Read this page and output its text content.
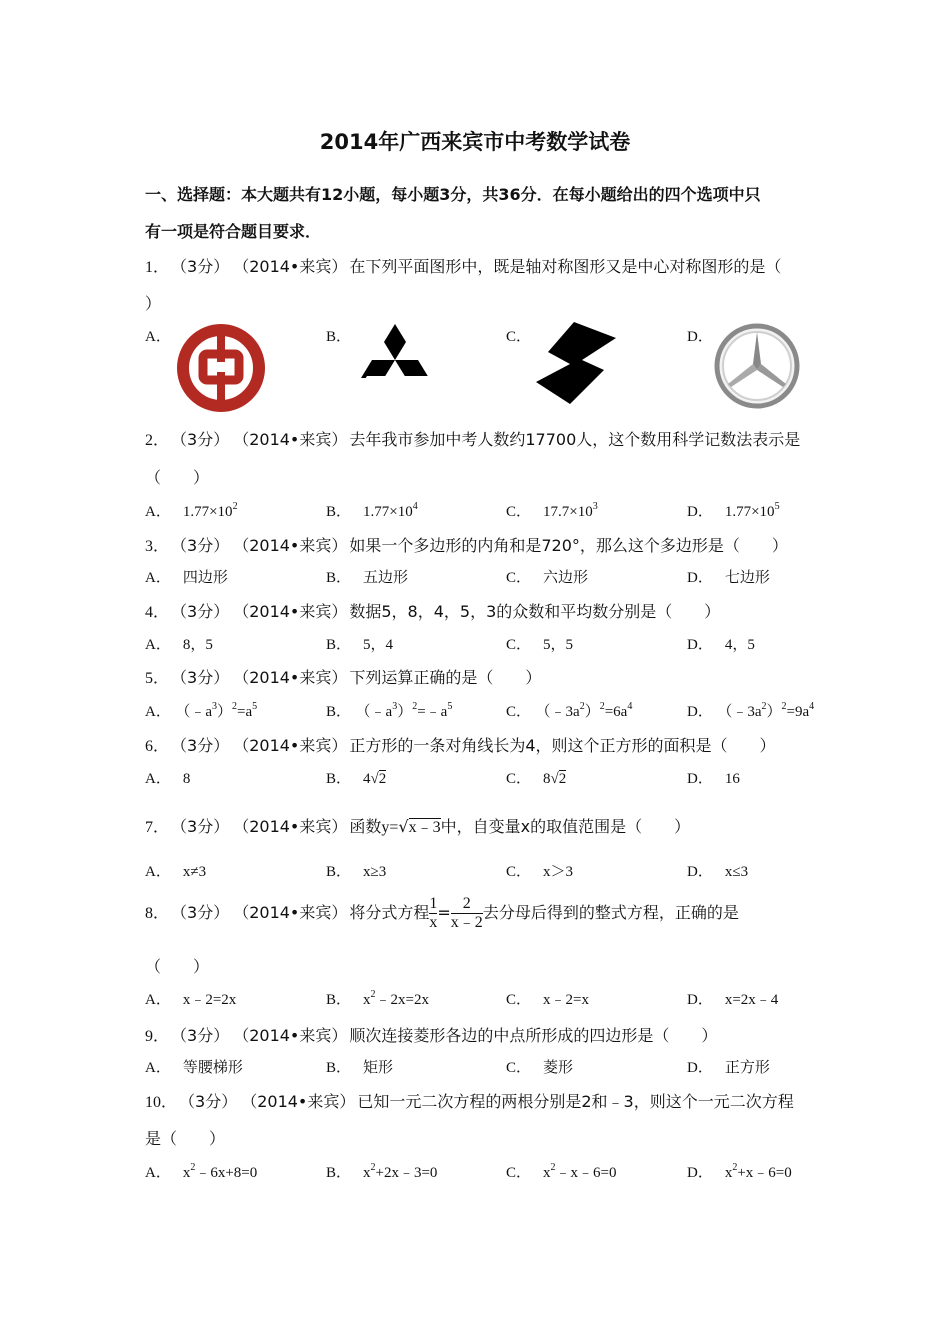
2014年广西来宾市中考数学试卷
一、选择题：本大题共有12小题，每小题3分，共36分．在每小题给出的四个选项中只
有一项是符合题目要求．
1． （3分） （2014•来宾） 在下列平面图形中，既是轴对称图形又是中心对称图形的是（
）
A．	B．	C．	D．
2． （3分） （2014•来宾） 去年我市参加中考人数约17700人，这个数用科学记数法表示是
（　　）
A． $1.77\times 10^2$	B． $1.77\times 10^4$	C． $17.7\times 10^3$	D． $1.77\times 10^5$
3． （3分） （2014•来宾） 如果一个多边形的内角和是720°，那么这个多边形是（　　）
A． 四边形	B． 五边形	C． 六边形	D． 七边形
4． （3分） （2014•来宾） 数据5，8，4，5，3的众数和平均数分别是（　　）
A． 8，5	B． 5，4	C． 5，5	D． 4，5
5． （3分） （2014•来宾） 下列运算正确的是（　　）
A． $(﹣a^3)^2=a^5$	B． $(﹣a^3)^2=﹣a^5$	C． $(﹣3a^2)^2=6a^4$	D． $(﹣3a^2)^2=9a^4$
6． （3分） （2014•来宾） 正方形的一条对角线长为4，则这个正方形的面积是（　　）
A． 8	B． 4√2	C． 8√2	D． 16
7． （3分） （2014•来宾） 函数y=√x﹣3中，自变量x的取值范围是（　　）
A． x≠3	B． x≥3	C． x＞3	D． x≤3
8． （3分） （2014•来宾） 将分式方程 $\frac{1}{x} = \frac{2}{x﹣2}$ 去分母后得到的整式方程，正确的是
（　　）
A． x﹣2=2x	B． $x^2﹣2x=2x$	C． x﹣2=x	D． x=2x﹣4
9． （3分） （2014•来宾） 顺次连接菱形各边的中点所形成的四边形是（　　）
A． 等腰梯形	B． 矩形	C． 菱形	D． 正方形
10． （3分） （2014•来宾） 已知一元二次方程的两根分别是2和﹣3，则这个一元二次方程
是（　　）
A． $x^2﹣6x+8=0$	B． $x^2+2x﹣3=0$	C． $x^2﹣x﹣6=0$	D． $x^2+x﹣6=0$
